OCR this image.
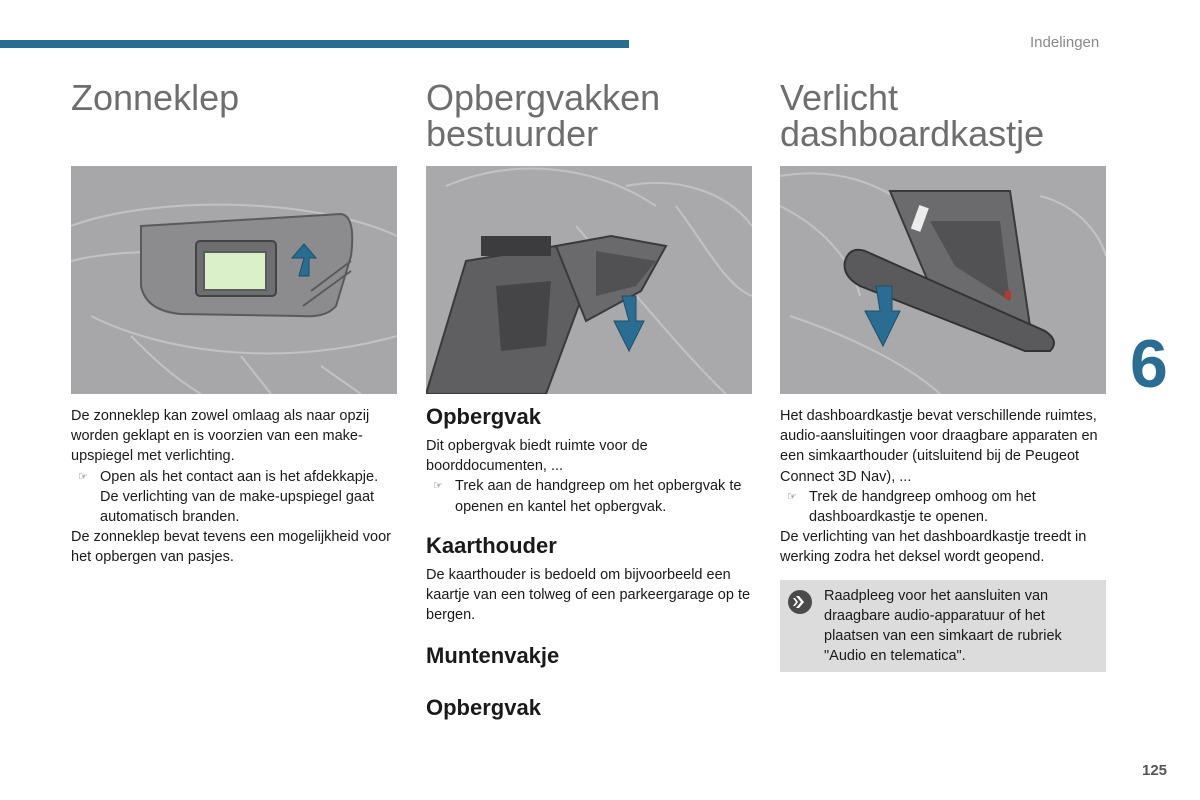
Indelingen
6
125
Zonneklep

De zonneklep kan zowel omlaag als naar opzij worden geklapt en is voorzien van een make-upspiegel met verlichting.

☞ Open als het contact aan is het afdekkapje. De verlichting van de make-upspiegel gaat automatisch branden.

De zonneklep bevat tevens een mogelijkheid voor het opbergen van pasjes.

Opbergvakken bestuurder
Opbergvak

Dit opbergvak biedt ruimte voor de boorddocumenten, ...

☞ Trek aan de handgreep om het opbergvak te openen en kantel het opbergvak.
Kaarthouder

De kaarthouder is bedoeld om bijvoorbeeld een kaartje van een tolweg of een parkeergarage op te bergen.

Muntenvakje
Opbergvak
Verlicht dashboardkastje

Het dashboardkastje bevat verschillende ruimtes, audio-aansluitingen voor draagbare apparaten en een simkaarthouder (uitsluitend bij de Peugeot Connect 3D Nav), ...

☞ Trek de handgreep omhoog om het dashboardkastje te openen.

De verlichting van het dashboardkastje treedt in werking zodra het deksel wordt geopend.

Raadpleeg voor het aansluiten van draagbare audio-apparatuur of het plaatsen van een simkaart de rubriek "Audio en telematica".
